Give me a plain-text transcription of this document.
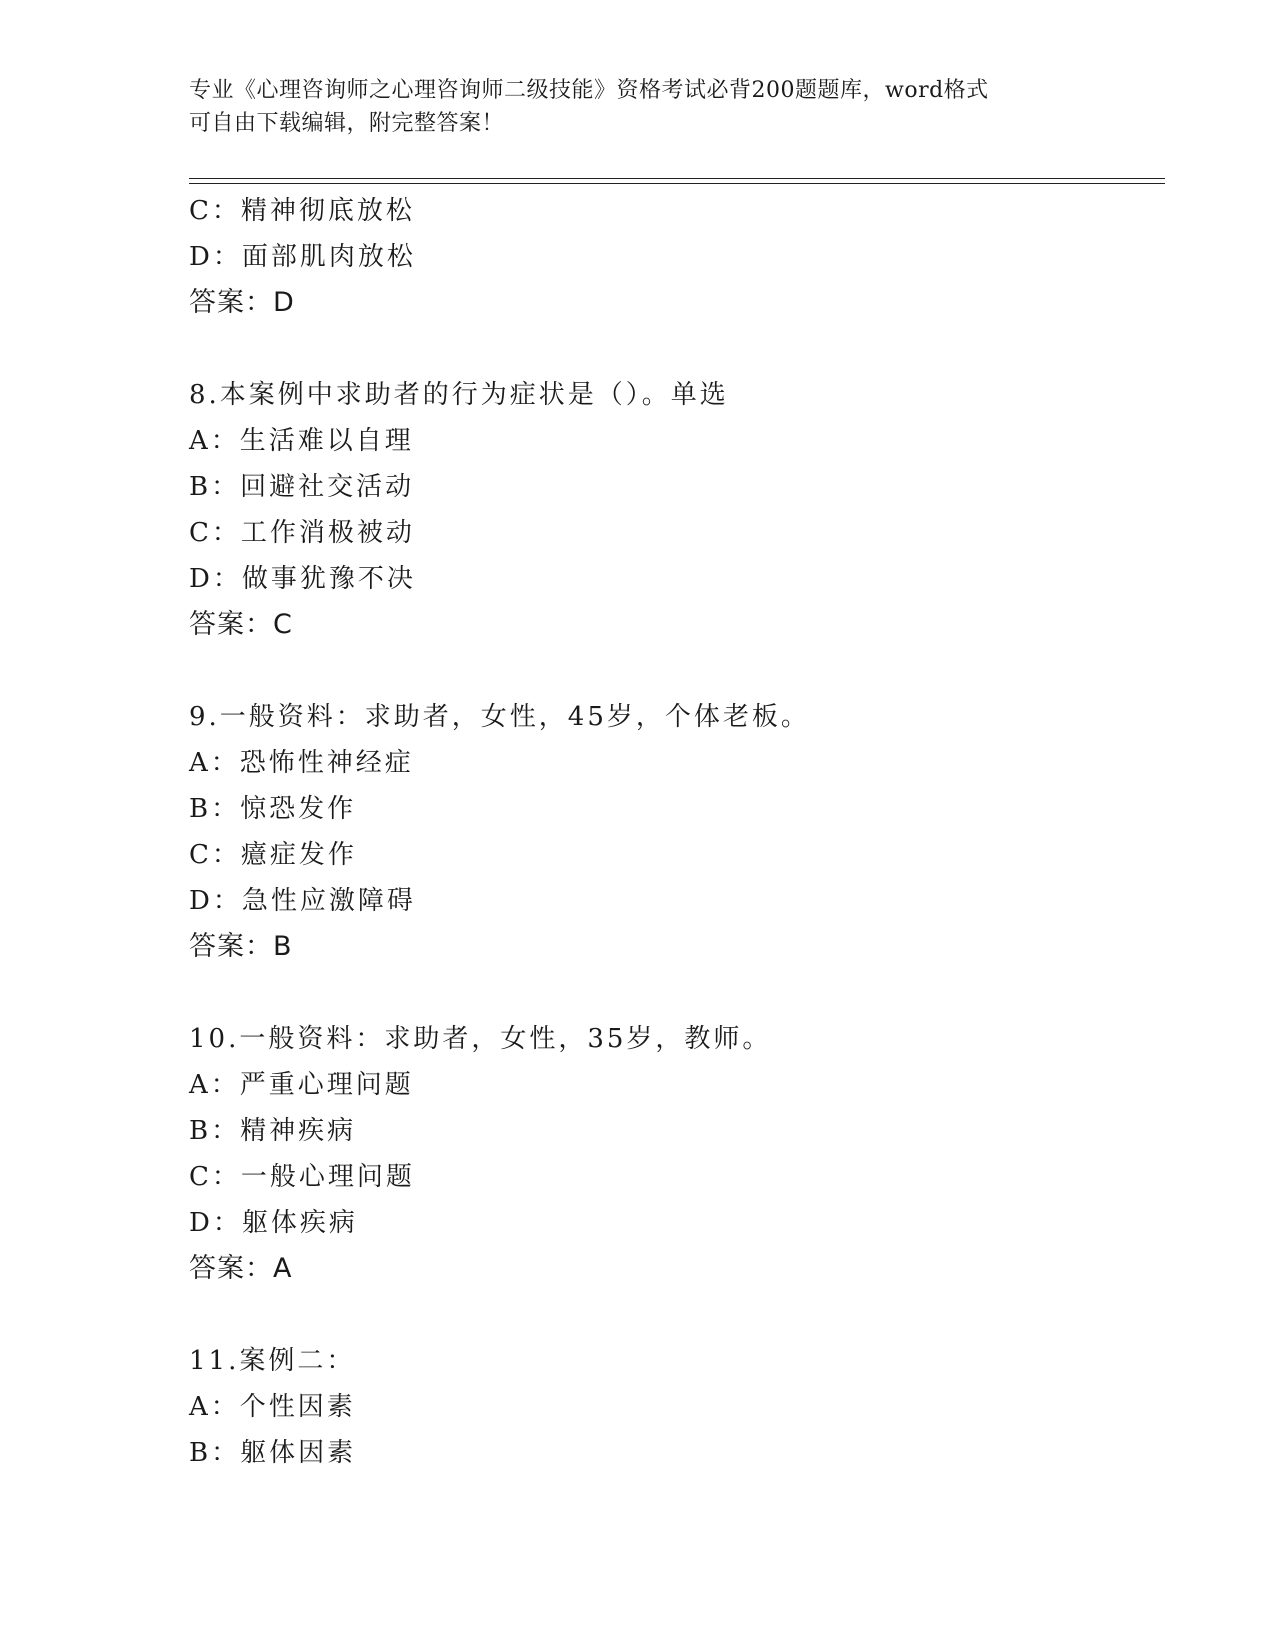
专业《心理咨询师之心理咨询师二级技能》资格考试必背200题题库，word格式
可自由下载编辑，附完整答案！
C：精神彻底放松
D：面部肌肉放松
答案：D
8.本案例中求助者的行为症状是（）。单选
A：生活难以自理
B：回避社交活动
C：工作消极被动
D：做事犹豫不决
答案：C
9.一般资料：求助者，女性，45岁，个体老板。
A：恐怖性神经症
B：惊恐发作
C：癔症发作
D：急性应激障碍
答案：B
10.一般资料：求助者，女性，35岁，教师。
A：严重心理问题
B：精神疾病
C：一般心理问题
D：躯体疾病
答案：A
11.案例二：
A：个性因素
B：躯体因素
